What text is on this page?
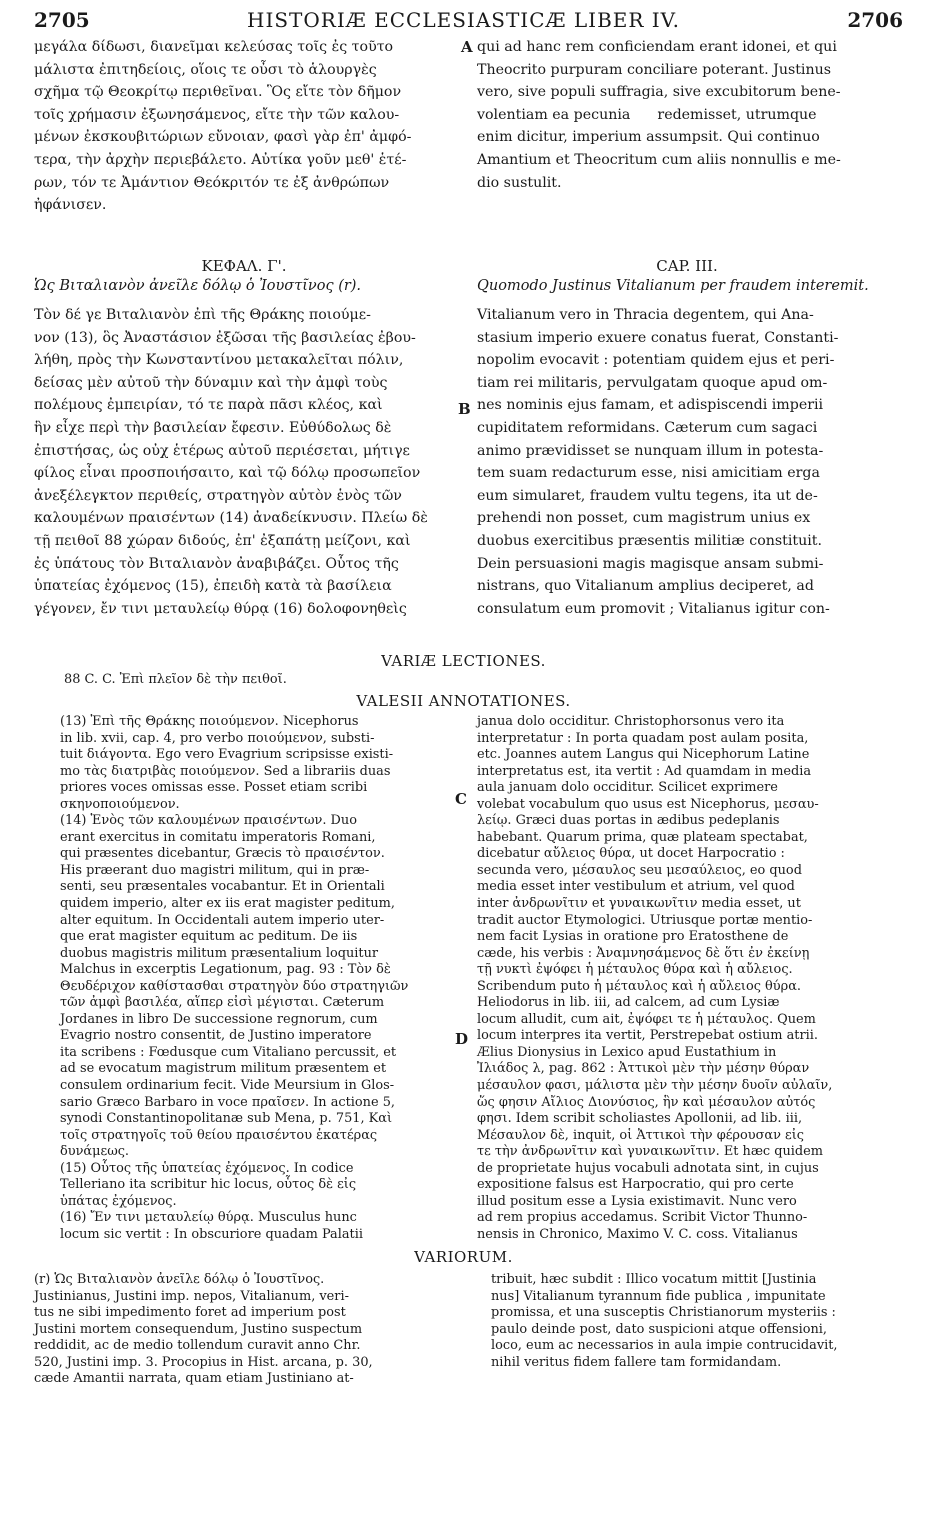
2705	HISTORIÆ ECCLESIASTICÆ LIBER IV.	2706
μεγάλα δίδωσι, διανεῖμαι κελεύσας τοῖς ἐς τοῦτο
μάλιστα ἐπιτηδείοις, οἵοις τε οὖσι τὸ ἁλουργὲς
σχῆμα τῷ Θεοκρίτῳ περιθεῖναι. Ὃς εἴτε τὸν δῆμον
τοῖς χρήμασιν ἐξωνησάμενος, εἴτε τὴν τῶν καλου-
μένων ἐκσκουβιτώριων εὔνοιαν, φασὶ γὰρ ἐπ' ἀμφό-
τερα, τὴν ἀρχὴν περιεβάλετο. Αὐτίκα γοῦν μεθ' ἑτέ-
ρων, τόν τε Ἀμάντιον Θεόκριτόν τε ἐξ ἀνθρώπων
ἠφάνισεν.
qui ad hanc rem conficiendam erant idonei, et qui
Theocrito purpuram conciliare poterant. Justinus
vero, sive populi suffragia, sive excubitorum bene-
volentiam ea pecunia      redemisset, utrumque
enim dicitur, imperium assumpsit. Qui continuo
Amantium et Theocritum cum aliis nonnullis e me-
dio sustulit.
A
ΚΕΦΑΛ. Γ'.
Ὡς Βιταλιανὸν ἀνεῖλε δόλῳ ὁ Ἰουστῖνος (r).
CAP. III.
Quomodo Justinus Vitalianum per fraudem interemit.
Τὸν δέ γε Βιταλιανὸν ἐπὶ τῆς Θράκης ποιούμε-
νον (13), ὃς Ἀναστάσιον ἐξῶσαι τῆς βασιλείας ἐβου-
λήθη, πρὸς τὴν Κωνσταντίνου μετακαλεῖται πόλιν,
δείσας μὲν αὐτοῦ τὴν δύναμιν καὶ τὴν ἀμφὶ τοὺς
πολέμους ἐμπειρίαν, τό τε παρὰ πᾶσι κλέος, καὶ
ἣν εἶχε περὶ τὴν βασιλείαν ἔφεσιν. Εὐθύδολως δὲ
ἐπιστήσας, ὡς οὐχ ἑτέρως αὐτοῦ περιέσεται, μήτιγε
φίλος εἶναι προσποιήσαιτο, καὶ τῷ δόλῳ προσωπεῖον
ἀνεξέλεγκτον περιθείς, στρατηγὸν αὐτὸν ἑνὸς τῶν
καλουμένων πραισέντων (14) ἀναδείκνυσιν. Πλείω δὲ
τῇ πειθοῖ 88 χώραν διδούς, ἐπ' ἐξαπάτῃ μείζονι, καὶ
ἐς ὑπάτους τὸν Βιταλιανὸν ἀναβιβάζει. Οὗτος τῆς
ὑπατείας ἐχόμενος (15), ἐπειδὴ κατὰ τὰ βασίλεια
γέγονεν, ἔν τινι μεταυλείῳ θύρᾳ (16) δολοφονηθεὶς
Vitalianum vero in Thracia degentem, qui Ana-
stasium imperio exuere conatus fuerat, Constanti-
nopolim evocavit : potentiam quidem ejus et peri-
tiam rei militaris, pervulgatam quoque apud om-
nes nominis ejus famam, et adispiscendi imperii
cupiditatem reformidans. Cæterum cum sagaci
animo prævidisset se nunquam illum in potesta-
tem suam redacturum esse, nisi amicitiam erga
eum simularet, fraudem vultu tegens, ita ut de-
prehendi non posset, cum magistrum unius ex
duobus exercitibus præsentis militiæ constituit.
Dein persuasioni magis magisque ansam submi-
nistrans, quo Vitalianum amplius deciperet, ad
consulatum eum promovit ; Vitalianus igitur con-
B
VARIÆ LECTIONES.
88 C. C. Ἐπὶ πλεῖον δὲ τὴν πειθοῖ.
VALESII ANNOTATIONES.
(13) Ἐπὶ τῆς Θράκης ποιούμενον. Nicephorus
in lib. xvii, cap. 4, pro verbo ποιούμενον, substi-
tuit διάγοντα. Ego vero Evagrium scripsisse existi-
mo τὰς διατριβὰς ποιούμενον. Sed a librariis duas
priores voces omissas esse. Posset etiam scribi
σκηνοποιούμενον.
(14) Ἑνὸς τῶν καλουμένων πραισέντων. Duo
erant exercitus in comitatu imperatoris Romani,
qui præsentes dicebantur, Græcis τὸ πραισέντον.
His præerant duo magistri militum, qui in præ-
senti, seu præsentales vocabantur. Et in Orientali
quidem imperio, alter ex iis erat magister peditum,
alter equitum. In Occidentali autem imperio uter-
que erat magister equitum ac peditum. De iis
duobus magistris militum præsentalium loquitur
Malchus in excerptis Legationum, pag. 93 : Τὸν δὲ
Θευδέριχον καθίστασθαι στρατηγὸν δύο στρατηγιῶν
τῶν ἀμφὶ βασιλέα, αἵπερ εἰσὶ μέγισται. Cæterum
Jordanes in libro De successione regnorum, cum
Evagrio nostro consentit, de Justino imperatore
ita scribens : Fœdusque cum Vitaliano percussit, et
ad se evocatum magistrum militum præsentem et
consulem ordinarium fecit. Vide Meursium in Glos-
sario Græco Barbaro in voce πραῖσεν. In actione 5,
synodi Constantinopolitanæ sub Mena, p. 751, Καὶ
τοῖς στρατηγοῖς τοῦ θείου πραισέντου ἑκατέρας
δυνάμεως.
(15) Οὗτος τῆς ὑπατείας ἐχόμενος. In codice
Telleriano ita scribitur hic locus, οὗτος δὲ εἰς
ὑπάτας ἐχόμενος.
(16) Ἔν τινι μεταυλείῳ θύρᾳ. Musculus hunc
locum sic vertit : In obscuriore quadam Palatii
janua dolo occiditur. Christophorsonus vero ita
interpretatur : In porta quadam post aulam posita,
etc. Joannes autem Langus qui Nicephorum Latine
interpretatus est, ita vertit : Ad quamdam in media
aula januam dolo occiditur. Scilicet exprimere
volebat vocabulum quo usus est Nicephorus, μεσαυ-
λείῳ. Græci duas portas in ædibus pedeplanis
habebant. Quarum prima, quæ plateam spectabat,
dicebatur αὔλειος θύρα, ut docet Harpocratio :
secunda vero, μέσαυλος seu μεσαύλειος, eo quod
media esset inter vestibulum et atrium, vel quod
inter ἀνδρωνῖτιν et γυναικωνῖτιν media esset, ut
tradit auctor Etymologici. Utriusque portæ mentio-
nem facit Lysias in oratione pro Eratosthene de
cæde, his verbis : Ἀναμνησάμενος δὲ ὅτι ἐν ἐκείνῃ
τῇ νυκτὶ ἐψόφει ἡ μέταυλος θύρα καὶ ἡ αὔλειος.
Scribendum puto ἡ μέταυλος καὶ ἡ αὔλειος θύρα.
Heliodorus in lib. iii, ad calcem, ad cum Lysiæ
locum alludit, cum ait, ἐψόφει τε ἡ μέταυλος. Quem
locum interpres ita vertit, Perstrepebat ostium atrii.
Ælius Dionysius in Lexico apud Eustathium in
Ἰλιάδος λ, pag. 862 : Ἀττικοὶ μὲν τὴν μέσην θύραν
μέσαυλον φασι, μάλιστα μὲν τὴν μέσην δυοῖν αὐλαῖν,
ὥς φησιν Αἴλιος Διονύσιος, ἣν καὶ μέσαυλον αὐτός
φησι. Idem scribit scholiastes Apollonii, ad lib. iii,
Μέσαυλον δὲ, inquit, οἱ Ἀττικοὶ τὴν φέρουσαν εἰς
τε τὴν ἀνδρωνῖτιν καὶ γυναικωνῖτιν. Et hæc quidem
de proprietate hujus vocabuli adnotata sint, in cujus
expositione falsus est Harpocratio, qui pro certe
illud positum esse a Lysia existimavit. Nunc vero
ad rem propius accedamus. Scribit Victor Thunno-
nensis in Chronico, Maximo V. C. coss. Vitalianus
C
D
VARIORUM.
(r) Ὡς Βιταλιανὸν ἀνεῖλε δόλῳ ὁ Ἰουστῖνος.
Justinianus, Justini imp. nepos, Vitalianum, veri-
tus ne sibi impedimento foret ad imperium post
Justini mortem consequendum, Justino suspectum
reddidit, ac de medio tollendum curavit anno Chr.
520, Justini imp. 3. Procopius in Hist. arcana, p. 30,
cæde Amantii narrata, quam etiam Justiniano at-
tribuit, hæc subdit : Illico vocatum mittit [Justinia
nus] Vitalianum tyrannum fide publica , impunitate
promissa, et una susceptis Christianorum mysteriis :
paulo deinde post, dato suspicioni atque offensioni,
loco, eum ac necessarios in aula impie contrucidavit,
nihil veritus fidem fallere tam formidandam.
